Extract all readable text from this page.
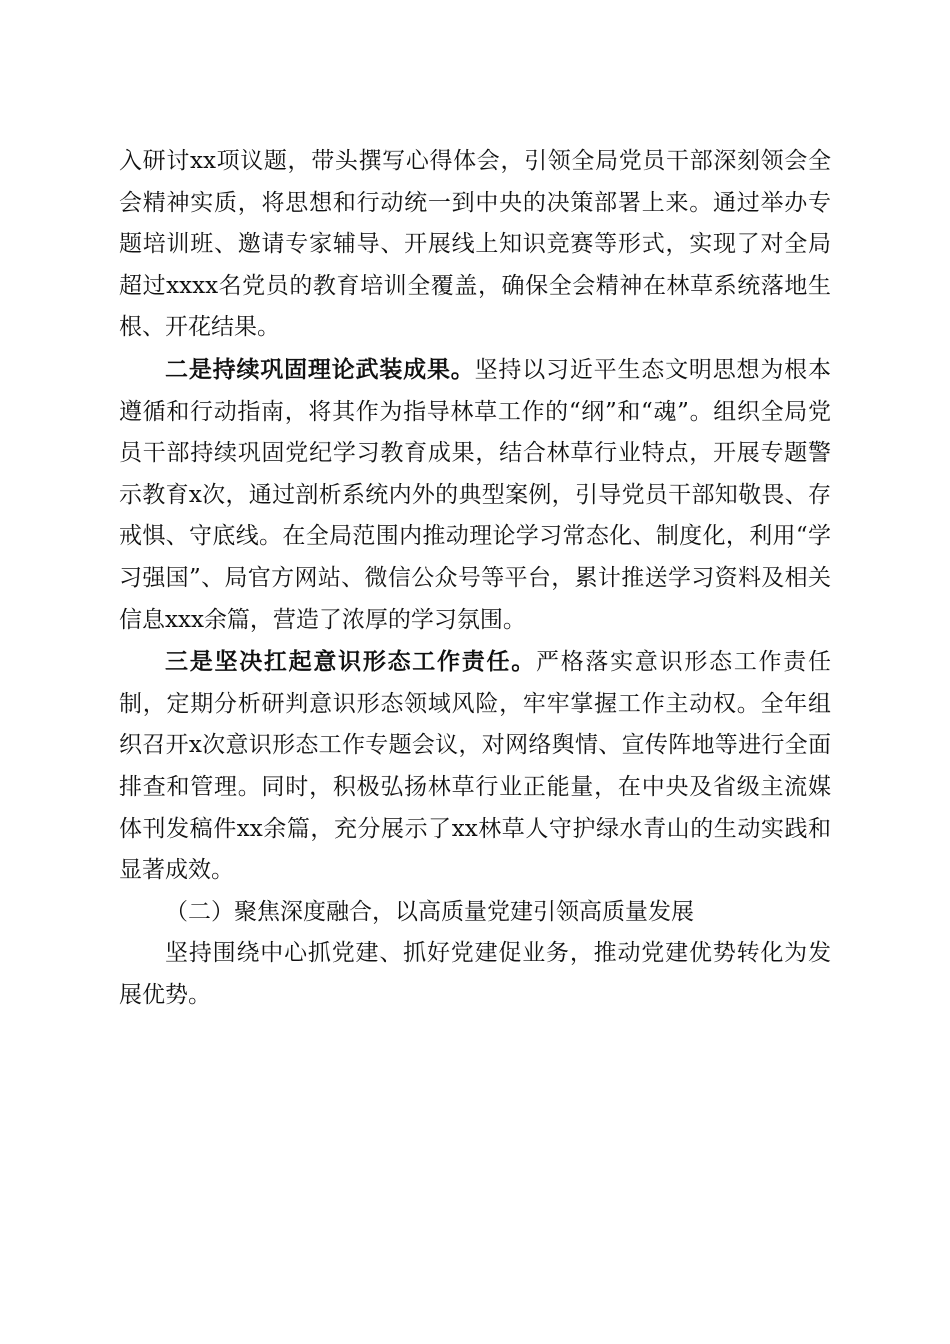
入研讨xx项议题，带头撰写心得体会，引领全局党员干部深刻领会全会精神实质，将思想和行动统一到中央的决策部署上来。通过举办专题培训班、邀请专家辅导、开展线上知识竞赛等形式，实现了对全局超过xxxx名党员的教育培训全覆盖，确保全会精神在林草系统落地生根、开花结果。

二是持续巩固理论武装成果。坚持以习近平生态文明思想为根本遵循和行动指南，将其作为指导林草工作的“纲”和“魂”。组织全局党员干部持续巩固党纪学习教育成果，结合林草行业特点，开展专题警示教育x次，通过剖析系统内外的典型案例，引导党员干部知敬畏、存戒惧、守底线。在全局范围内推动理论学习常态化、制度化，利用“学习强国”、局官方网站、微信公众号等平台，累计推送学习资料及相关信息xxx余篇，营造了浓厚的学习氛围。

三是坚决扛起意识形态工作责任。严格落实意识形态工作责任制，定期分析研判意识形态领域风险，牢牢掌握工作主动权。全年组织召开x次意识形态工作专题会议，对网络舆情、宣传阵地等进行全面排查和管理。同时，积极弘扬林草行业正能量，在中央及省级主流媒体刊发稿件xx余篇，充分展示了xx林草人守护绿水青山的生动实践和显著成效。

（二）聚焦深度融合，以高质量党建引领高质量发展

坚持围绕中心抓党建、抓好党建促业务，推动党建优势转化为发展优势。
